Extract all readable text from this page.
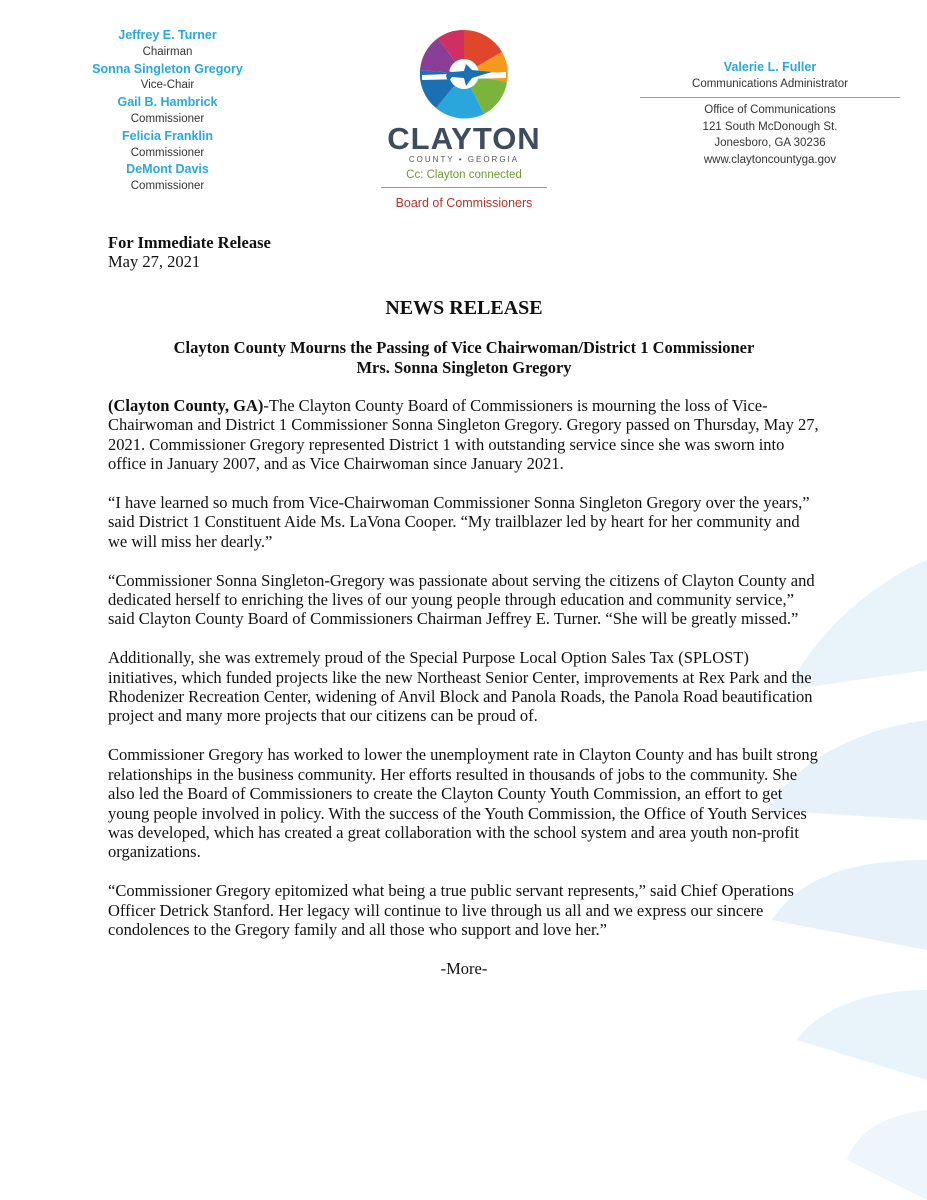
Jeffrey E. Turner
Chairman
Sonna Singleton Gregory
Vice-Chair
Gail B. Hambrick
Commissioner
Felicia Franklin
Commissioner
DeMont Davis
Commissioner
CLAYTON
COUNTY • GEORGIA
Cc: Clayton connected
Board of Commissioners
Valerie L. Fuller
Communications Administrator
Office of Communications
121 South McDonough St.
Jonesboro, GA 30236
www.claytoncountyga.gov
For Immediate Release
May 27, 2021
NEWS RELEASE
Clayton County Mourns the Passing of Vice Chairwoman/District 1 Commissioner
Mrs. Sonna Singleton Gregory

(Clayton County, GA)-The Clayton County Board of Commissioners is mourning the loss of Vice-Chairwoman and District 1 Commissioner Sonna Singleton Gregory. Gregory passed on Thursday, May 27, 2021. Commissioner Gregory represented District 1 with outstanding service since she was sworn into office in January 2007, and as Vice Chairwoman since January 2021.

“I have learned so much from Vice-Chairwoman Commissioner Sonna Singleton Gregory over the years,” said District 1 Constituent Aide Ms. LaVona Cooper. “My trailblazer led by heart for her community and we will miss her dearly.”

“Commissioner Sonna Singleton-Gregory was passionate about serving the citizens of Clayton County and dedicated herself to enriching the lives of our young people through education and community service,” said Clayton County Board of Commissioners Chairman Jeffrey E. Turner. “She will be greatly missed.”

Additionally, she was extremely proud of the Special Purpose Local Option Sales Tax (SPLOST) initiatives, which funded projects like the new Northeast Senior Center, improvements at Rex Park and the Rhodenizer Recreation Center, widening of Anvil Block and Panola Roads, the Panola Road beautification project and many more projects that our citizens can be proud of.

Commissioner Gregory has worked to lower the unemployment rate in Clayton County and has built strong relationships in the business community. Her efforts resulted in thousands of jobs to the community. She also led the Board of Commissioners to create the Clayton County Youth Commission, an effort to get young people involved in policy. With the success of the Youth Commission, the Office of Youth Services was developed, which has created a great collaboration with the school system and area youth non-profit organizations.

“Commissioner Gregory epitomized what being a true public servant represents,” said Chief Operations Officer Detrick Stanford. Her legacy will continue to live through us all and we express our sincere condolences to the Gregory family and all those who support and love her.”

-More-
